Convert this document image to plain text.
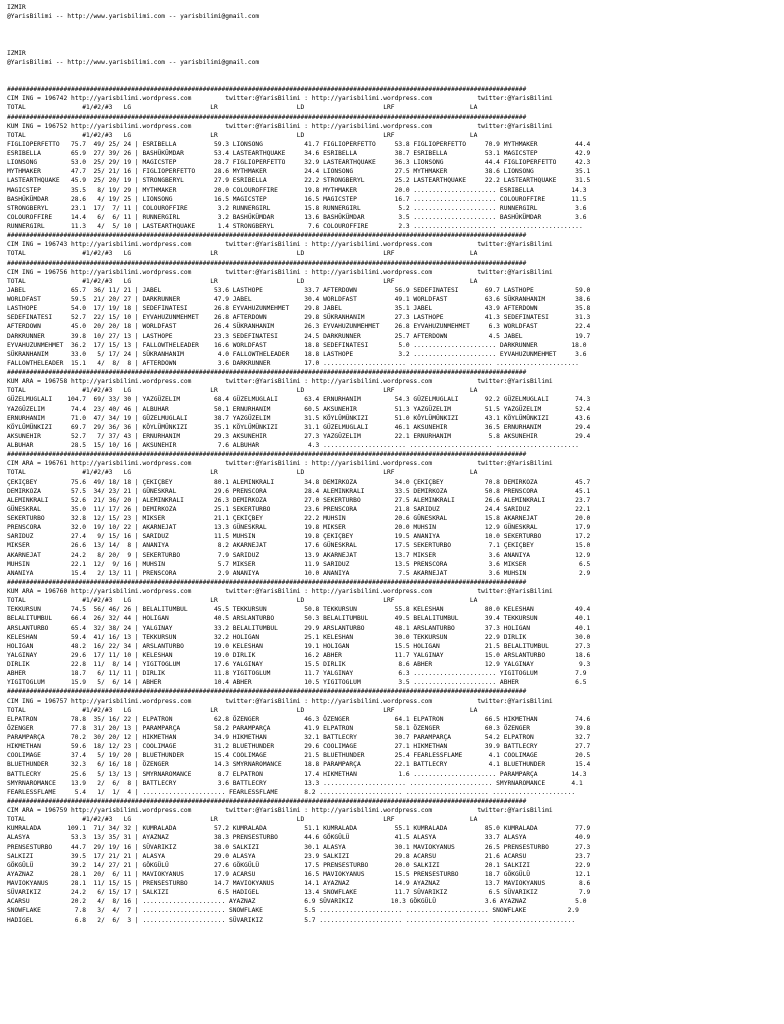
IZMIR
@YarisBilimi -- http://www.yarisbilimi.com -- yarisbilimi@gmail.com

IZMIR
@YarisBilimi -- http://www.yarisbilimi.com -- yarisbilimi@gmail.com

##########################################################################################################################################
CIM ING = 196742 http://yarisbilimi.wordpress.com         twitter:@YarisBilimi : http://yarisbilimi.wordpress.com            twitter:@YarisBilimi
TOTAL               #1/#2/#3   LG                     LR                     LD                     LRF                    LA
##########################################################################################################################################
KUM ING = 196752 http://yarisbilimi.wordpress.com         twitter:@YarisBilimi : http://yarisbilimi.wordpress.com            twitter:@YarisBilimi
TOTAL               #1/#2/#3   LG                     LR                     LD                     LRF                    LA
FIGLIOPERFETTO   75.7  49/ 25/ 24 | ESRIBELLA          59.3 LIONSONG           41.7 FIGLIOPERFETTO     53.8 FIGLIOPERFETTO     70.9 MYTHMAKER          44.4
ESRIBELLA        65.9  27/ 39/ 26 | BASHÜKÜMDAR        53.4 LASTEARTHQUAKE     34.6 ESRIBELLA          38.7 ESRIBELLA          53.1 MAGICSTEP          42.9
LIONSONG         53.0  25/ 29/ 19 | MAGICSTEP          28.7 FIGLIOPERFETTO     32.9 LASTEARTHQUAKE     36.3 LIONSONG           44.4 FIGLIOPERFETTO     42.3
MYTHMAKER        47.7  25/ 21/ 16 | FIGLIOPERFETTO     28.6 MYTHMAKER          24.4 LIONSONG           27.5 MYTHMAKER          38.6 LIONSONG           35.1
LASTEARTHQUAKE   45.9  25/ 20/ 19 | STRONGBERYL        27.9 ESRIBELLA          22.2 STRONGBERYL        25.2 LASTEARTHQUAKE     22.2 LASTEARTHQUAKE     31.5
MAGICSTEP        35.5   8/ 19/ 29 | MYTHMAKER          20.0 COLOUROFFIRE       19.8 MYTHMAKER          20.0 ...................... ESRIBELLA          14.3
BASHÜKÜMDAR      28.6   4/ 19/ 25 | LIONSONG           16.5 MAGICSTEP          16.5 MAGICSTEP          16.7 ...................... COLOUROFFIRE       11.5
STRONGBERYL      23.1  17/  7/ 11 | COLOUROFFIRE        3.2 RUNNERGIRL         15.8 RUNNERGIRL          5.2 ...................... RUNNERGIRL          3.6
COLOUROFFIRE     14.4   6/  6/ 11 | RUNNERGIRL          3.2 BASHÜKÜMDAR        13.6 BASHÜKÜMDAR         3.5 ...................... BASHÜKÜMDAR         3.6
RUNNERGIRL       11.3   4/  5/ 10 | LASTEARTHQUAKE      1.4 STRONGBERYL         7.6 COLOUROFFIRE        2.3 ...................... ......................
##########################################################################################################################################
CIM ING = 196743 http://yarisbilimi.wordpress.com         twitter:@YarisBilimi : http://yarisbilimi.wordpress.com            twitter:@YarisBilimi
TOTAL               #1/#2/#3   LG                     LR                     LD                     LRF                    LA
##########################################################################################################################################
CIM ING = 196756 http://yarisbilimi.wordpress.com         twitter:@YarisBilimi : http://yarisbilimi.wordpress.com            twitter:@YarisBilimi
TOTAL               #1/#2/#3   LG                     LR                     LD                     LRF                    LA
JABEL            65.7  36/ 11/ 21 | JABEL              53.6 LASTHOPE           33.7 AFTERDOWN          56.9 SEDEFINATESI       69.7 LASTHOPE           59.0
WORLDFAST        59.5  21/ 20/ 27 | DARKRUNNER         47.9 JABEL              30.4 WORLDFAST          49.1 WORLDFAST          63.6 SÜKRANHANIM        38.6
LASTHOPE         54.0  17/ 19/ 18 | SEDEFINATESI       26.8 EYVAHUZUNMEHMET    29.8 JABEL              35.1 JABEL              43.9 AFTERDOWN          35.8
SEDEFINATESI     52.7  22/ 15/ 10 | EYVAHUZUNMEHMET    26.8 AFTERDOWN          29.8 SÜKRANHANIM        27.3 LASTHOPE           41.3 SEDEFINATESI       31.3
AFTERDOWN        45.0  20/ 20/ 18 | WORLDFAST          26.4 SÜKRANHANIM        26.3 EYVAHUZUNMEHMET    26.8 EYVAHUZUNMEHMET     6.3 WORLDFAST          22.4
DARKRUNNER       39.8  10/ 27/ 13 | LASTHOPE           23.3 SEDEFINATESI       24.5 DARKRUNNER         25.7 AFTERDOWN           4.5 JABEL              19.7
EYVAHUZUNMEHMET  36.2  17/ 15/ 13 | FALLOWTHELEADER    16.6 WORLDFAST          18.8 SEDEFINATESI        5.0 ...................... DARKRUNNER         18.0
SÜKRANHANIM      33.0   5/ 17/ 24 | SÜKRANHANIM         4.0 FALLOWTHELEADER    18.8 LASTHOPE            3.2 ...................... EYVAHUZUNMEHMET     3.6
FALLOWTHELEADER  15.1   4/  8/  8 | AFTERDOWN           3.6 DARKRUNNER         17.0 ...................... ...................... ......................
##########################################################################################################################################
KUM ARA = 196758 http://yarisbilimi.wordpress.com         twitter:@YarisBilimi : http://yarisbilimi.wordpress.com            twitter:@YarisBilimi
TOTAL               #1/#2/#3   LG                     LR                     LD                     LRF                    LA
GÜZELMUGLALI    104.7  69/ 33/ 30 | YAZGÜZELIM         68.4 GÜZELMUGLALI       63.4 ERNURHANIM         54.3 GÜZELMUGLALI       92.2 GÜZELMUGLALI       74.3
YAZGÜZELIM       74.4  23/ 40/ 46 | ALBUHAR            50.1 ERNURHANIM         60.5 AKSUNEHIR          51.3 YAZGÜZELIM         51.5 YAZGÜZELIM         52.4
ERNURHANIM       71.0  47/ 34/ 19 | GÜZELMUGLALI       38.7 YAZGÜZELIM         31.5 KÖYLÜMÜNKIZI       51.0 KÖYLÜMÜNKIZI       43.1 KÖYLÜMÜNKIZI       43.6
KÖYLÜMÜNKIZI     69.7  29/ 36/ 36 | KÖYLÜMÜNKIZI       35.1 KÖYLÜMÜNKIZI       31.1 GÜZELMUGLALI       46.1 AKSUNEHIR          36.5 ERNURHANIM         29.4
AKSUNEHIR        52.7   7/ 37/ 43 | ERNURHANIM         29.3 AKSUNEHIR          27.3 YAZGÜZELIM         22.1 ERNURHANIM          5.8 AKSUNEHIR          29.4
ALBUHAR          28.5  15/ 10/ 16 | AKSUNEHIR           7.6 ALBUHAR             4.3 ...................... ...................... ......................
##########################################################################################################################################
CIM ARA = 196761 http://yarisbilimi.wordpress.com         twitter:@YarisBilimi : http://yarisbilimi.wordpress.com            twitter:@YarisBilimi
TOTAL               #1/#2/#3   LG                     LR                     LD                     LRF                    LA
ÇEKIÇBEY         75.6  49/ 18/ 18 | ÇEKIÇBEY           80.1 ALEMINKRALI        34.8 DEMIRKOZA          34.0 ÇEKIÇBEY           70.8 DEMIRKOZA          45.7
DEMIRKOZA        57.5  34/ 23/ 21 | GÜNESKRAL          29.6 PRENSCORA          28.4 ALEMINKRALI        33.5 DEMIRKOZA          50.8 PRENSCORA          45.1
ALEMINKRALI      52.6  21/ 36/ 20 | ALEMINKRALI        26.3 DEMIRKOZA          27.0 SEKERTURBO         27.5 ALEMINKRALI        26.6 ALEMINKRALI        23.7
GÜNESKRAL        35.0  11/ 17/ 26 | DEMIRKOZA          25.1 SEKERTURBO         23.6 PRENSCORA          21.8 SARIDUZ            24.4 SARIDUZ            22.1
SEKERTURBO       32.8  12/ 15/ 23 | MIKSER             21.1 ÇEKIÇBEY           22.2 MUHSIN             20.6 GÜNESKRAL          15.8 AKARNEJAT          20.0
PRENSCORA        32.0  19/ 10/ 22 | AKARNEJAT          13.3 GÜNESKRAL          19.8 MIKSER             20.0 MUHSIN             12.9 GÜNESKRAL          17.9
SARIDUZ          27.4   9/ 15/ 16 | SARIDUZ            11.5 MUHSIN             19.8 ÇEKIÇBEY           19.5 ANANIYA            10.0 SEKERTURBO         17.2
MIKSER           26.6  13/ 14/  8 | ANANIYA             8.2 AKARNEJAT          17.6 GÜNESKRAL          17.5 SEKERTURBO          7.1 ÇEKIÇBEY           15.0
AKARNEJAT        24.2   8/ 20/  9 | SEKERTURBO          7.9 SARIDUZ            13.9 AKARNEJAT          13.7 MIKSER              3.6 ANANIYA            12.9
MUHSIN           22.1  12/  9/ 16 | MUHSIN              5.7 MIKSER             11.9 SARIDUZ            13.5 PRENSCORA           3.6 MIKSER              6.5
ANANIYA          15.4   2/ 13/ 11 | PRENSCORA           2.9 ANANIYA            10.0 ANANIYA             7.5 AKARNEJAT           3.6 MUHSIN              2.9
##########################################################################################################################################
KUM ARA = 196760 http://yarisbilimi.wordpress.com         twitter:@YarisBilimi : http://yarisbilimi.wordpress.com            twitter:@YarisBilimi
TOTAL               #1/#2/#3   LG                     LR                     LD                     LRF                    LA
TEKKURSUN        74.5  56/ 46/ 26 | BELALITUMBUL       45.5 TEKKURSUN          50.8 TEKKURSUN          55.8 KELESHAN           80.0 KELESHAN           49.4
BELALITUMBUL     66.4  26/ 32/ 44 | HOLIGAN            40.5 ARSLANTURBO        50.3 BELALITUMBUL       49.5 BELALITUMBUL       39.4 TEKKURSUN          40.1
ARSLANTURBO      65.4  32/ 38/ 24 | YALGINAY           33.2 BELALITUMBUL       29.9 ARSLANTURBO        48.1 ARSLANTURBO        37.3 HOLIGAN            40.1
KELESHAN         59.4  41/ 16/ 13 | TEKKURSUN          32.2 HOLIGAN            25.1 KELESHAN           30.0 TEKKURSUN          22.9 DIRLIK             30.0
HOLIGAN          48.2  16/ 22/ 34 | ARSLANTURBO        19.0 KELESHAN           19.1 HOLIGAN            15.5 HOLIGAN            21.5 BELALITUMBUL       27.3
YALGINAY         29.6  17/ 11/ 10 | KELESHAN           19.0 DIRLIK             16.2 ABHER              11.7 YALGINAY           15.0 ARSLANTURBO        18.6
DIRLIK           22.8  11/  8/ 14 | YIGITOGLUM         17.6 YALGINAY           15.5 DIRLIK              8.6 ABHER              12.9 YALGINAY            9.3
ABHER            18.7   6/ 11/ 11 | DIRLIK             11.8 YIGITOGLUM         11.7 YALGINAY            6.3 ...................... YIGITOGLUM          7.9
YIGITOGLUM       15.9   5/  6/ 14 | ABHER              10.4 ABHER              10.5 YIGITOGLUM          3.5 ...................... ABHER               6.5
##########################################################################################################################################
CIM ING = 196757 http://yarisbilimi.wordpress.com         twitter:@YarisBilimi : http://yarisbilimi.wordpress.com            twitter:@YarisBilimi
TOTAL               #1/#2/#3   LG                     LR                     LD                     LRF                    LA
ELPATRON         78.8  35/ 16/ 22 | ELPATRON           62.8 ÖZENGER            46.3 ÖZENGER            64.1 ELPATRON           66.5 HIKMETHAN          74.6
ÖZENGER          77.8  31/ 20/ 13 | PARAMPARÇA         58.2 PARAMPARÇA         41.9 ELPATRON           58.1 ÖZENGER            60.3 ÖZENGER            39.8
PARAMPARÇA       70.2  30/ 20/ 12 | HIKMETHAN          34.9 HIKMETHAN          32.1 BATTLECRY          30.7 PARAMPARÇA         54.2 ELPATRON           32.7
HIKMETHAN        59.6  18/ 12/ 23 | COOLIMAGE          31.2 BLUETHUNDER        29.6 COOLIMAGE          27.1 HIKMETHAN          39.9 BATTLECRY          27.7
COOLIMAGE        37.4   5/ 19/ 20 | BLUETHUNDER        15.4 COOLIMAGE          21.5 BLUETHUNDER        25.4 FEARLESSFLAME       4.1 COOLIMAGE          20.5
BLUETHUNDER      32.3   6/ 16/ 18 | ÖZENGER            14.3 SMYRNAROMANCE      18.8 PARAMPARÇA         22.1 BATTLECRY           4.1 BLUETHUNDER        15.4
BATTLECRY        25.6   5/ 13/ 13 | SMYRNAROMANCE       8.7 ELPATRON           17.4 HIKMETHAN           1.6 ...................... PARAMPARÇA         14.3
SMYRNAROMANCE    13.9   2/  6/  8 | BATTLECRY           3.6 BATTLECRY          13.3 ...................... ...................... SMYRNAROMANCE       4.1
FEARLESSFLAME     5.4   1/  1/  4 | ...................... FEARLESSFLAME       8.2 ...................... ...................... ......................
##########################################################################################################################################
CIM ARA = 196759 http://yarisbilimi.wordpress.com         twitter:@YarisBilimi : http://yarisbilimi.wordpress.com            twitter:@YarisBilimi
TOTAL               #1/#2/#3   LG                     LR                     LD                     LRF                    LA
KUMRALADA       109.1  71/ 34/ 32 | KUMRALADA          57.2 KUMRALADA          51.1 KUMRALADA          55.1 KUMRALADA          85.0 KUMRALADA          77.9
ALASYA           53.3  13/ 35/ 31 | AYAZNAZ            38.3 PRENSESTURBO       44.6 GÖKGÜLÜ            41.5 ALASYA             33.7 ALASYA             40.9
PRENSESTURBO     44.7  29/ 19/ 16 | SÜVARIKIZ          38.0 SALKIZI            30.1 ALASYA             30.1 MAVIOKYANUS        26.5 PRENSESTURBO       27.3
SALKIZI          39.5  17/ 21/ 21 | ALASYA             29.0 ALASYA             23.9 SALKIZI            29.8 ACARSU             21.6 ACARSU             23.7
GÖKGÜLÜ          39.2  14/ 27/ 21 | GÖKGÜLÜ            27.6 GÖKGÜLÜ            17.5 PRENSESTURBO       20.0 SALKIZI            20.1 SALKIZI            22.9
AYAZNAZ          28.1  20/  6/ 11 | MAVIOKYANUS        17.9 ACARSU             16.5 MAVIOKYANUS        15.5 PRENSESTURBO       18.7 GÖKGÜLÜ            12.1
MAVIOKYANUS      28.1  11/ 15/ 15 | PRENSESTURBO       14.7 MAVIOKYANUS        14.1 AYAZNAZ            14.9 AYAZNAZ            13.7 MAVIOKYANUS         8.6
SÜVARIKIZ        24.2   6/ 15/ 17 | SALKIZI             6.5 HADIGEL            13.4 SNOWFLAKE          11.7 SÜVARIKIZ           6.5 SÜVARIKIZ           7.9
ACARSU           20.2   4/  8/ 16 | ...................... AYAZNAZ             6.9 SÜVARIKIZ          10.3 GÖKGÜLÜ             3.6 AYAZNAZ             5.0
SNOWFLAKE         7.8   3/  4/  7 | ...................... SNOWFLAKE           5.5 ...................... ...................... SNOWFLAKE           2.9
HADIGEL           6.8   2/  6/  3 | ...................... SÜVARIKIZ           5.7 ...................... ...................... ......................
